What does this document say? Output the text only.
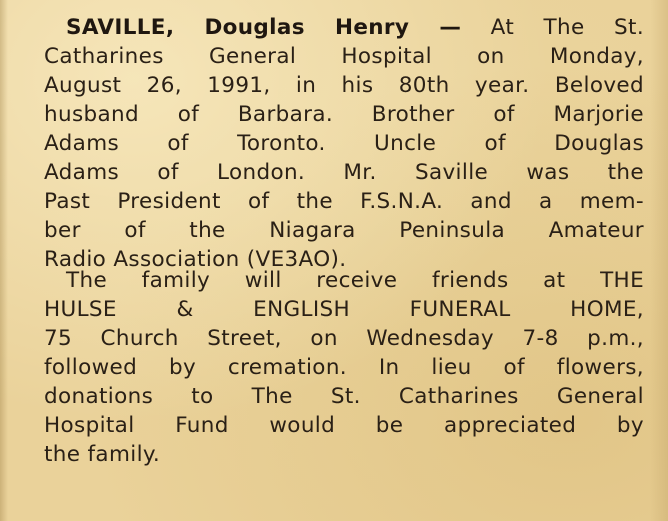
SAVILLE, Douglas Henry — At The St.

Catharines General Hospital on Monday,

August 26, 1991, in his 80th year. Beloved

husband of Barbara. Brother of Marjorie

Adams of Toronto. Uncle of Douglas

Adams of London. Mr. Saville was the

Past President of the F.S.N.A. and a mem-

ber of the Niagara Peninsula Amateur

Radio Association (VE3AO).

The family will receive friends at THE

HULSE & ENGLISH FUNERAL HOME,

75 Church Street, on Wednesday 7-8 p.m.,

followed by cremation. In lieu of flowers,

donations to The St. Catharines General

Hospital Fund would be appreciated by

the family.
